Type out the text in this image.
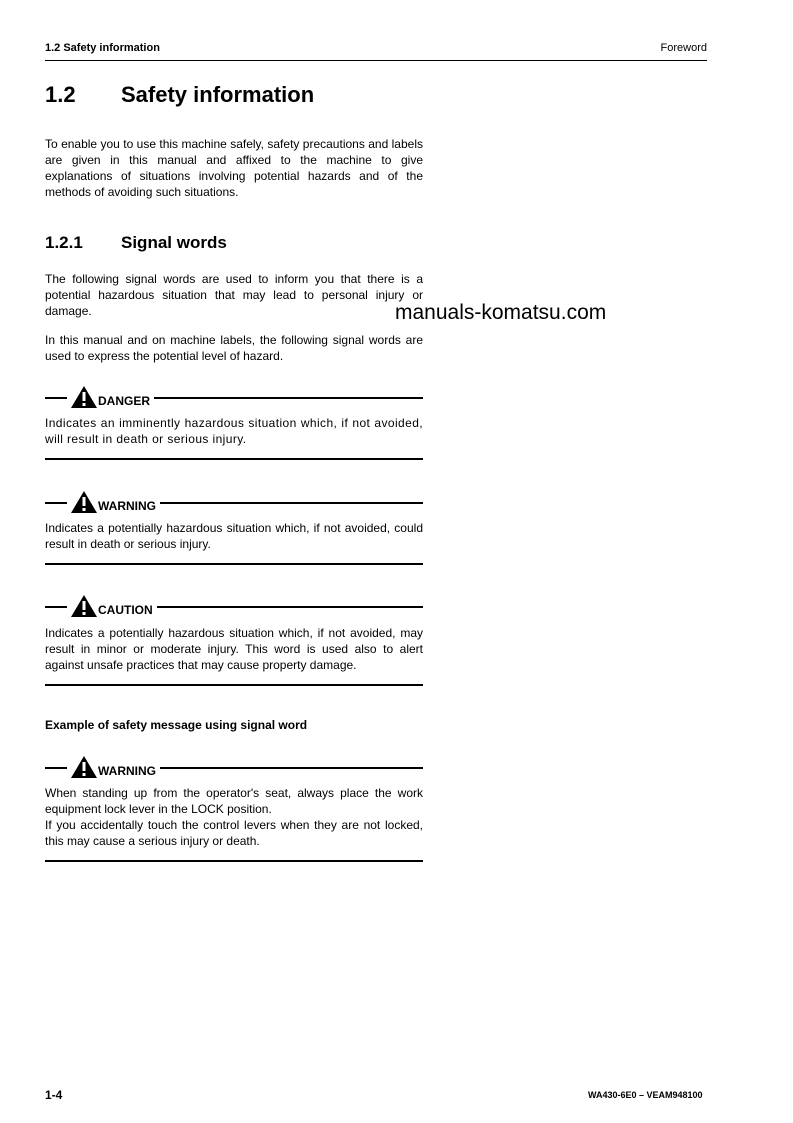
1.2 Safety information	Foreword
1.2 Safety information
To enable you to use this machine safely, safety precautions and labels are given in this manual and affixed to the machine to give explanations of situations involving potential hazards and of the methods of avoiding such situations.
1.2.1 Signal words
The following signal words are used to inform you that there is a potential hazardous situation that may lead to personal injury or damage.
In this manual and on machine labels, the following signal words are used to express the potential level of hazard.
manuals-komatsu.com
DANGER
Indicates an imminently hazardous situation which, if not avoided, will result in death or serious injury.
WARNING
Indicates a potentially hazardous situation which, if not avoided, could result in death or serious injury.
CAUTION
Indicates a potentially hazardous situation which, if not avoided, may result in minor or moderate injury. This word is used also to alert against unsafe practices that may cause property damage.
Example of safety message using signal word
WARNING
When standing up from the operator's seat, always place the work equipment lock lever in the LOCK position.
If you accidentally touch the control levers when they are not locked, this may cause a serious injury or death.
1-4	WA430-6E0 – VEAM948100
